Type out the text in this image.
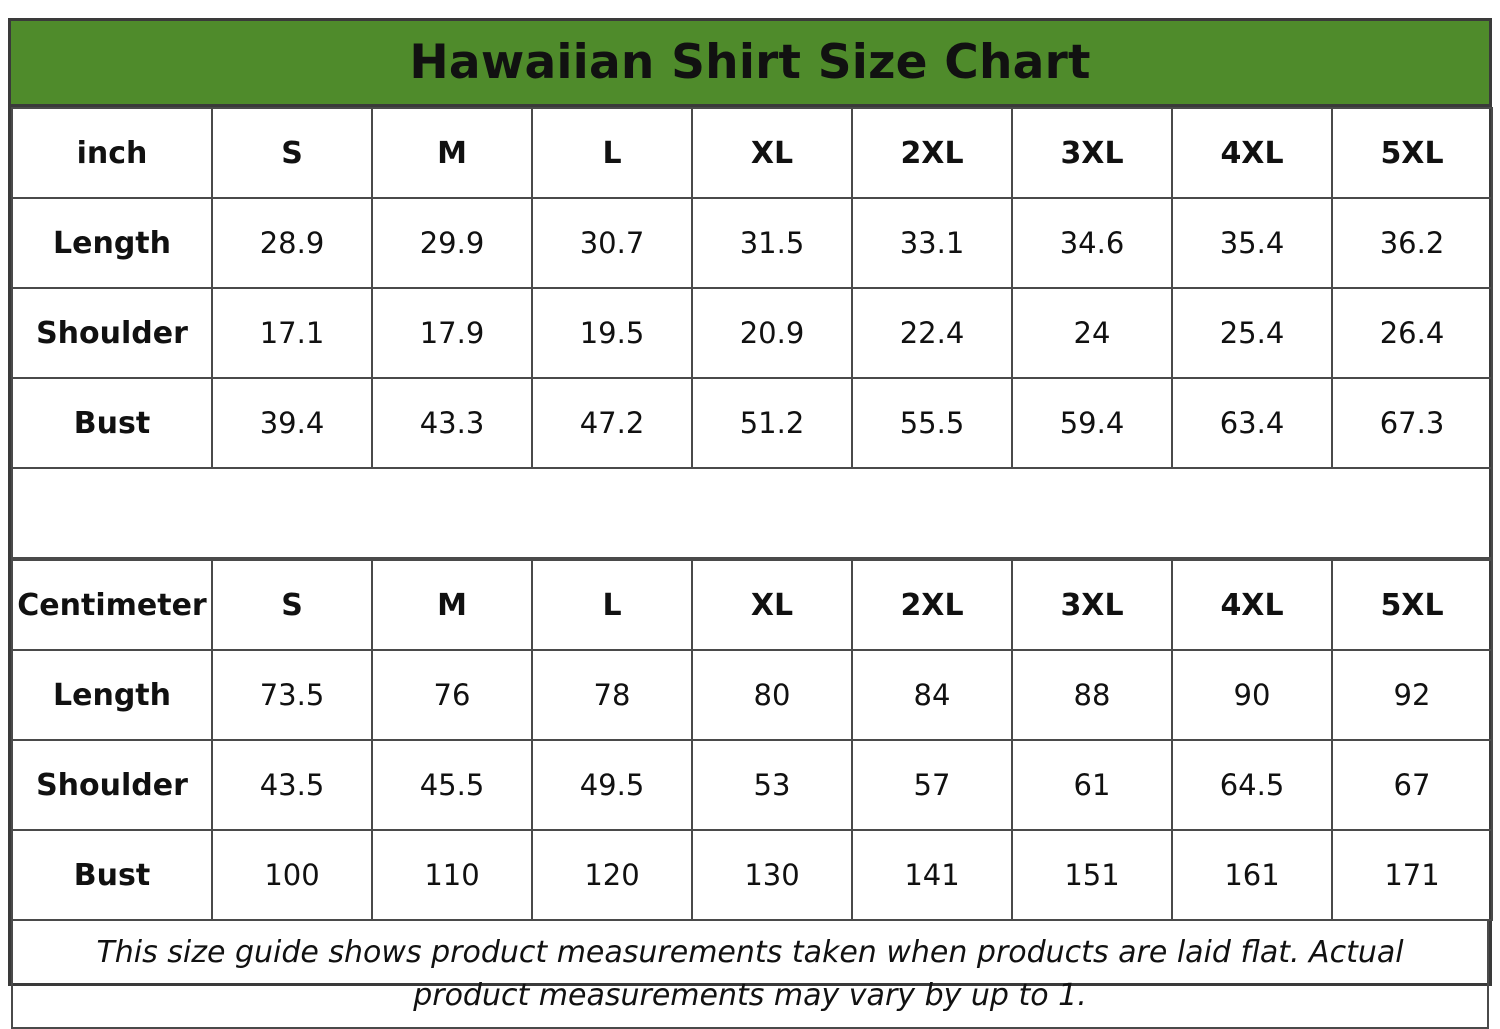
Hawaiian Shirt Size Chart
inch	S	M	L	XL	2XL	3XL	4XL	5XL
Length	28.9	29.9	30.7	31.5	33.1	34.6	35.4	36.2
Shoulder	17.1	17.9	19.5	20.9	22.4	24	25.4	26.4
Bust	39.4	43.3	47.2	51.2	55.5	59.4	63.4	67.3

Centimeter	S	M	L	XL	2XL	3XL	4XL	5XL
Length	73.5	76	78	80	84	88	90	92
Shoulder	43.5	45.5	49.5	53	57	61	64.5	67
Bust	100	110	120	130	141	151	161	171
This size guide shows product measurements taken when products are laid flat. Actual product measurements may vary by up to 1.
